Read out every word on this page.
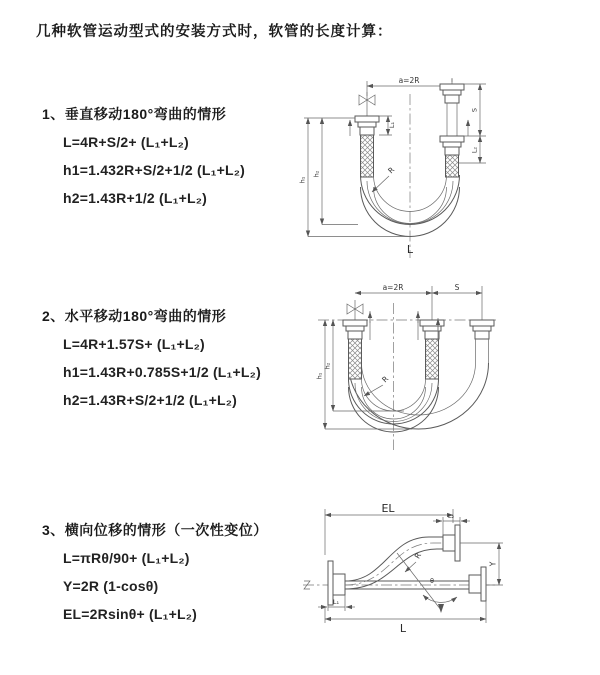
几种软管运动型式的安装方式时，软管的长度计算：
1、垂直移动180°弯曲的情形
L=4R+S/2+ (L₁+L₂)
h1=1.432R+S/2+1/2 (L₁+L₂)
h2=1.43R+1/2 (L₁+L₂)
2、水平移动180°弯曲的情形
L=4R+1.57S+ (L₁+L₂)
h1=1.43R+0.785S+1/2 (L₁+L₂)
h2=1.43R+S/2+1/2 (L₁+L₂)
3、横向位移的情形（一次性变位）
L=πRθ/90+ (L₁+L₂)
Y=2R (1-cosθ)
EL=2Rsinθ+ (L₁+L₂)
a=2R
h₁
h₂
L₁
S
L₂
R
L
a=2R	S
h₁
h₂
R
θ
R
EL
L₂
Y
L₁
L
